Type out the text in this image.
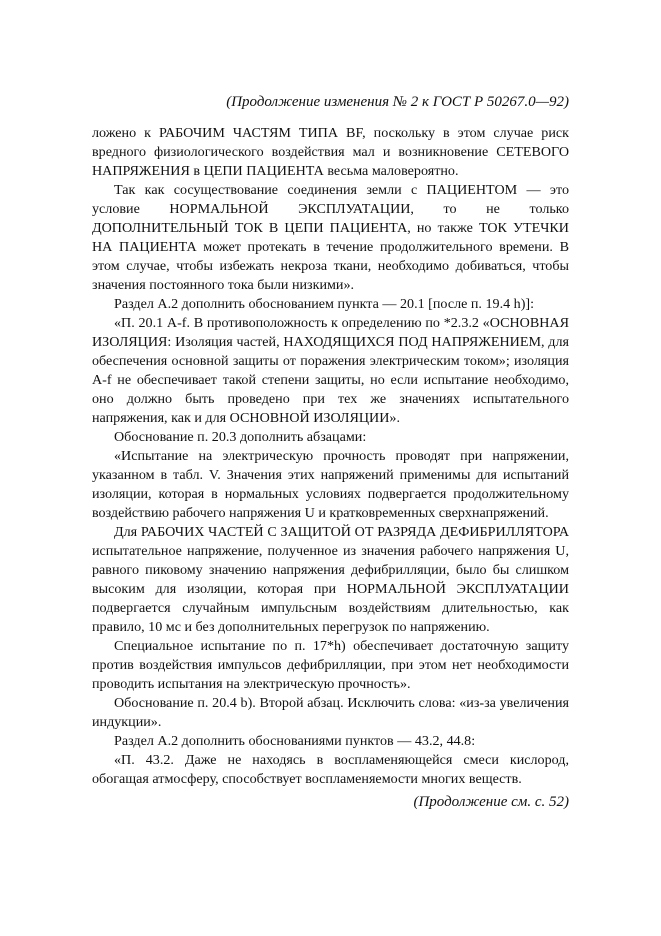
(Продолжение изменения № 2 к ГОСТ Р 50267.0—92)

ложено к РАБОЧИМ ЧАСТЯМ ТИПА BF, поскольку в этом случае риск вредного физиологического воздействия мал и возникновение СЕТЕВОГО НАПРЯЖЕНИЯ в ЦЕПИ ПАЦИЕНТА весьма маловероятно.

Так как сосуществование соединения земли с ПАЦИЕНТОМ — это условие НОРМАЛЬНОЙ ЭКСПЛУАТАЦИИ, то не только ДОПОЛНИТЕЛЬНЫЙ ТОК В ЦЕПИ ПАЦИЕНТА, но также ТОК УТЕЧКИ НА ПАЦИЕНТА может протекать в течение продолжительного времени. В этом случае, чтобы избежать некроза ткани, необходимо добиваться, чтобы значения постоянного тока были низкими».

Раздел А.2 дополнить обоснованием пункта — 20.1 [после п. 19.4 h)]:

«П. 20.1 A-f. В противоположность к определению по *2.3.2 «ОСНОВНАЯ ИЗОЛЯЦИЯ: Изоляция частей, НАХОДЯЩИХСЯ ПОД НАПРЯЖЕНИЕМ, для обеспечения основной защиты от поражения электрическим током»; изоляция A-f не обеспечивает такой степени защиты, но если испытание необходимо, оно должно быть проведено при тех же значениях испытательного напряжения, как и для ОСНОВНОЙ ИЗОЛЯЦИИ».

Обоснование п. 20.3 дополнить абзацами:

«Испытание на электрическую прочность проводят при напряжении, указанном в табл. V. Значения этих напряжений применимы для испытаний изоляции, которая в нормальных условиях подвергается продолжительному воздействию рабочего напряжения U и кратковременных сверхнапряжений.

Для РАБОЧИХ ЧАСТЕЙ С ЗАЩИТОЙ ОТ РАЗРЯДА ДЕФИБРИЛЛЯТОРА испытательное напряжение, полученное из значения рабочего напряжения U, равного пиковому значению напряжения дефибрилляции, было бы слишком высоким для изоляции, которая при НОРМАЛЬНОЙ ЭКСПЛУАТАЦИИ подвергается случайным импульсным воздействиям длительностью, как правило, 10 мс и без дополнительных перегрузок по напряжению.

Специальное испытание по п. 17*h) обеспечивает достаточную защиту против воздействия импульсов дефибрилляции, при этом нет необходимости проводить испытания на электрическую прочность».

Обоснование п. 20.4 b). Второй абзац. Исключить слова: «из-за увеличения индукции».

Раздел А.2 дополнить обоснованиями пунктов — 43.2, 44.8:

«П. 43.2. Даже не находясь в воспламеняющейся смеси кислород, обогащая атмосферу, способствует воспламеняемости многих веществ.

(Продолжение см. с. 52)
